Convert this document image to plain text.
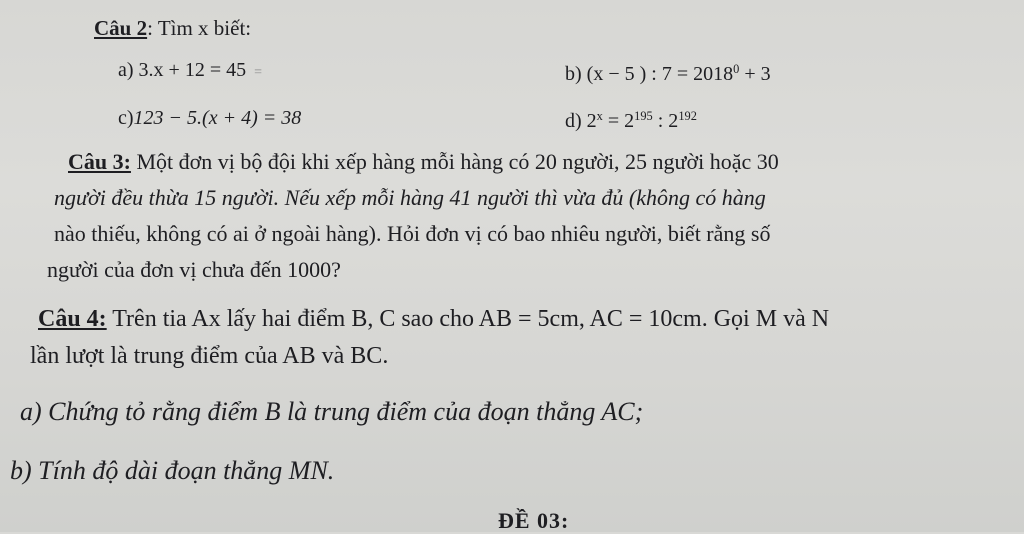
Câu 2: Tìm x biết:
a) 3.x + 12 = 45 =	b) (x − 5 ) : $7 = 2018^0 + 3$
c)123 − 5.(x + 4) = 38	d) $2^x = 2^{195}$ : $2^{192}$
Câu 3: Một đơn vị bộ đội khi xếp hàng mỗi hàng có 20 người, 25 người hoặc 30
người đều thừa 15 người. Nếu xếp mỗi hàng 41 người thì vừa đủ (không có hàng
nào thiếu, không có ai ở ngoài hàng). Hỏi đơn vị có bao nhiêu người, biết rằng số
người của đơn vị chưa đến 1000?
Câu 4: Trên tia Ax lấy hai điểm B, C sao cho AB = 5cm, AC = 10cm. Gọi M và N
lần lượt là trung điểm của AB và BC.
a) Chứng tỏ rằng điểm B là trung điểm của đoạn thẳng AC;
b) Tính độ dài đoạn thẳng MN.
ĐỀ 03:
